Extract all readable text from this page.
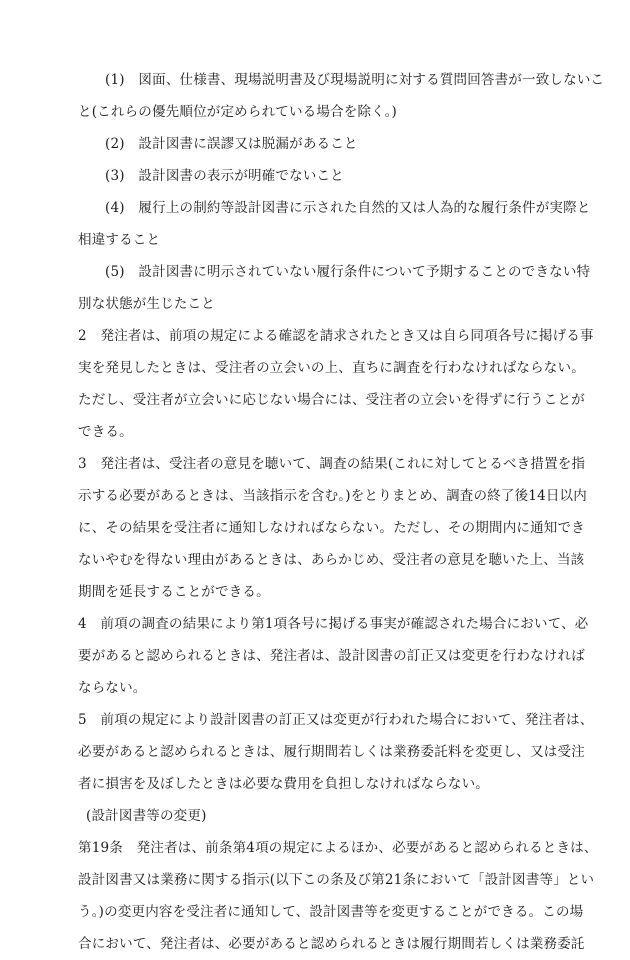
(1)　図面、仕様書、現場説明書及び現場説明に対する質問回答書が一致しないこ
と(これらの優先順位が定められている場合を除く。)
(2)　設計図書に誤謬又は脱漏があること
(3)　設計図書の表示が明確でないこと
(4)　履行上の制約等設計図書に示された自然的又は人為的な履行条件が実際と
相違すること
(5)　設計図書に明示されていない履行条件について予期することのできない特
別な状態が生じたこと
2　発注者は、前項の規定による確認を請求されたとき又は自ら同項各号に掲げる事
実を発見したときは、受注者の立会いの上、直ちに調査を行わなければならない。
ただし、受注者が立会いに応じない場合には、受注者の立会いを得ずに行うことが
できる。
3　発注者は、受注者の意見を聴いて、調査の結果(これに対してとるべき措置を指
示する必要があるときは、当該指示を含む。)をとりまとめ、調査の終了後14日以内
に、その結果を受注者に通知しなければならない。ただし、その期間内に通知でき
ないやむを得ない理由があるときは、あらかじめ、受注者の意見を聴いた上、当該
期間を延長することができる。
4　前項の調査の結果により第1項各号に掲げる事実が確認された場合において、必
要があると認められるときは、発注者は、設計図書の訂正又は変更を行わなければ
ならない。
5　前項の規定により設計図書の訂正又は変更が行われた場合において、発注者は、
必要があると認められるときは、履行期間若しくは業務委託料を変更し、又は受注
者に損害を及ぼしたときは必要な費用を負担しなければならない。
(設計図書等の変更)
第19条　発注者は、前条第4項の規定によるほか、必要があると認められるときは、
設計図書又は業務に関する指示(以下この条及び第21条において「設計図書等」とい
う。)の変更内容を受注者に通知して、設計図書等を変更することができる。この場
合において、発注者は、必要があると認められるときは履行期間若しくは業務委託
